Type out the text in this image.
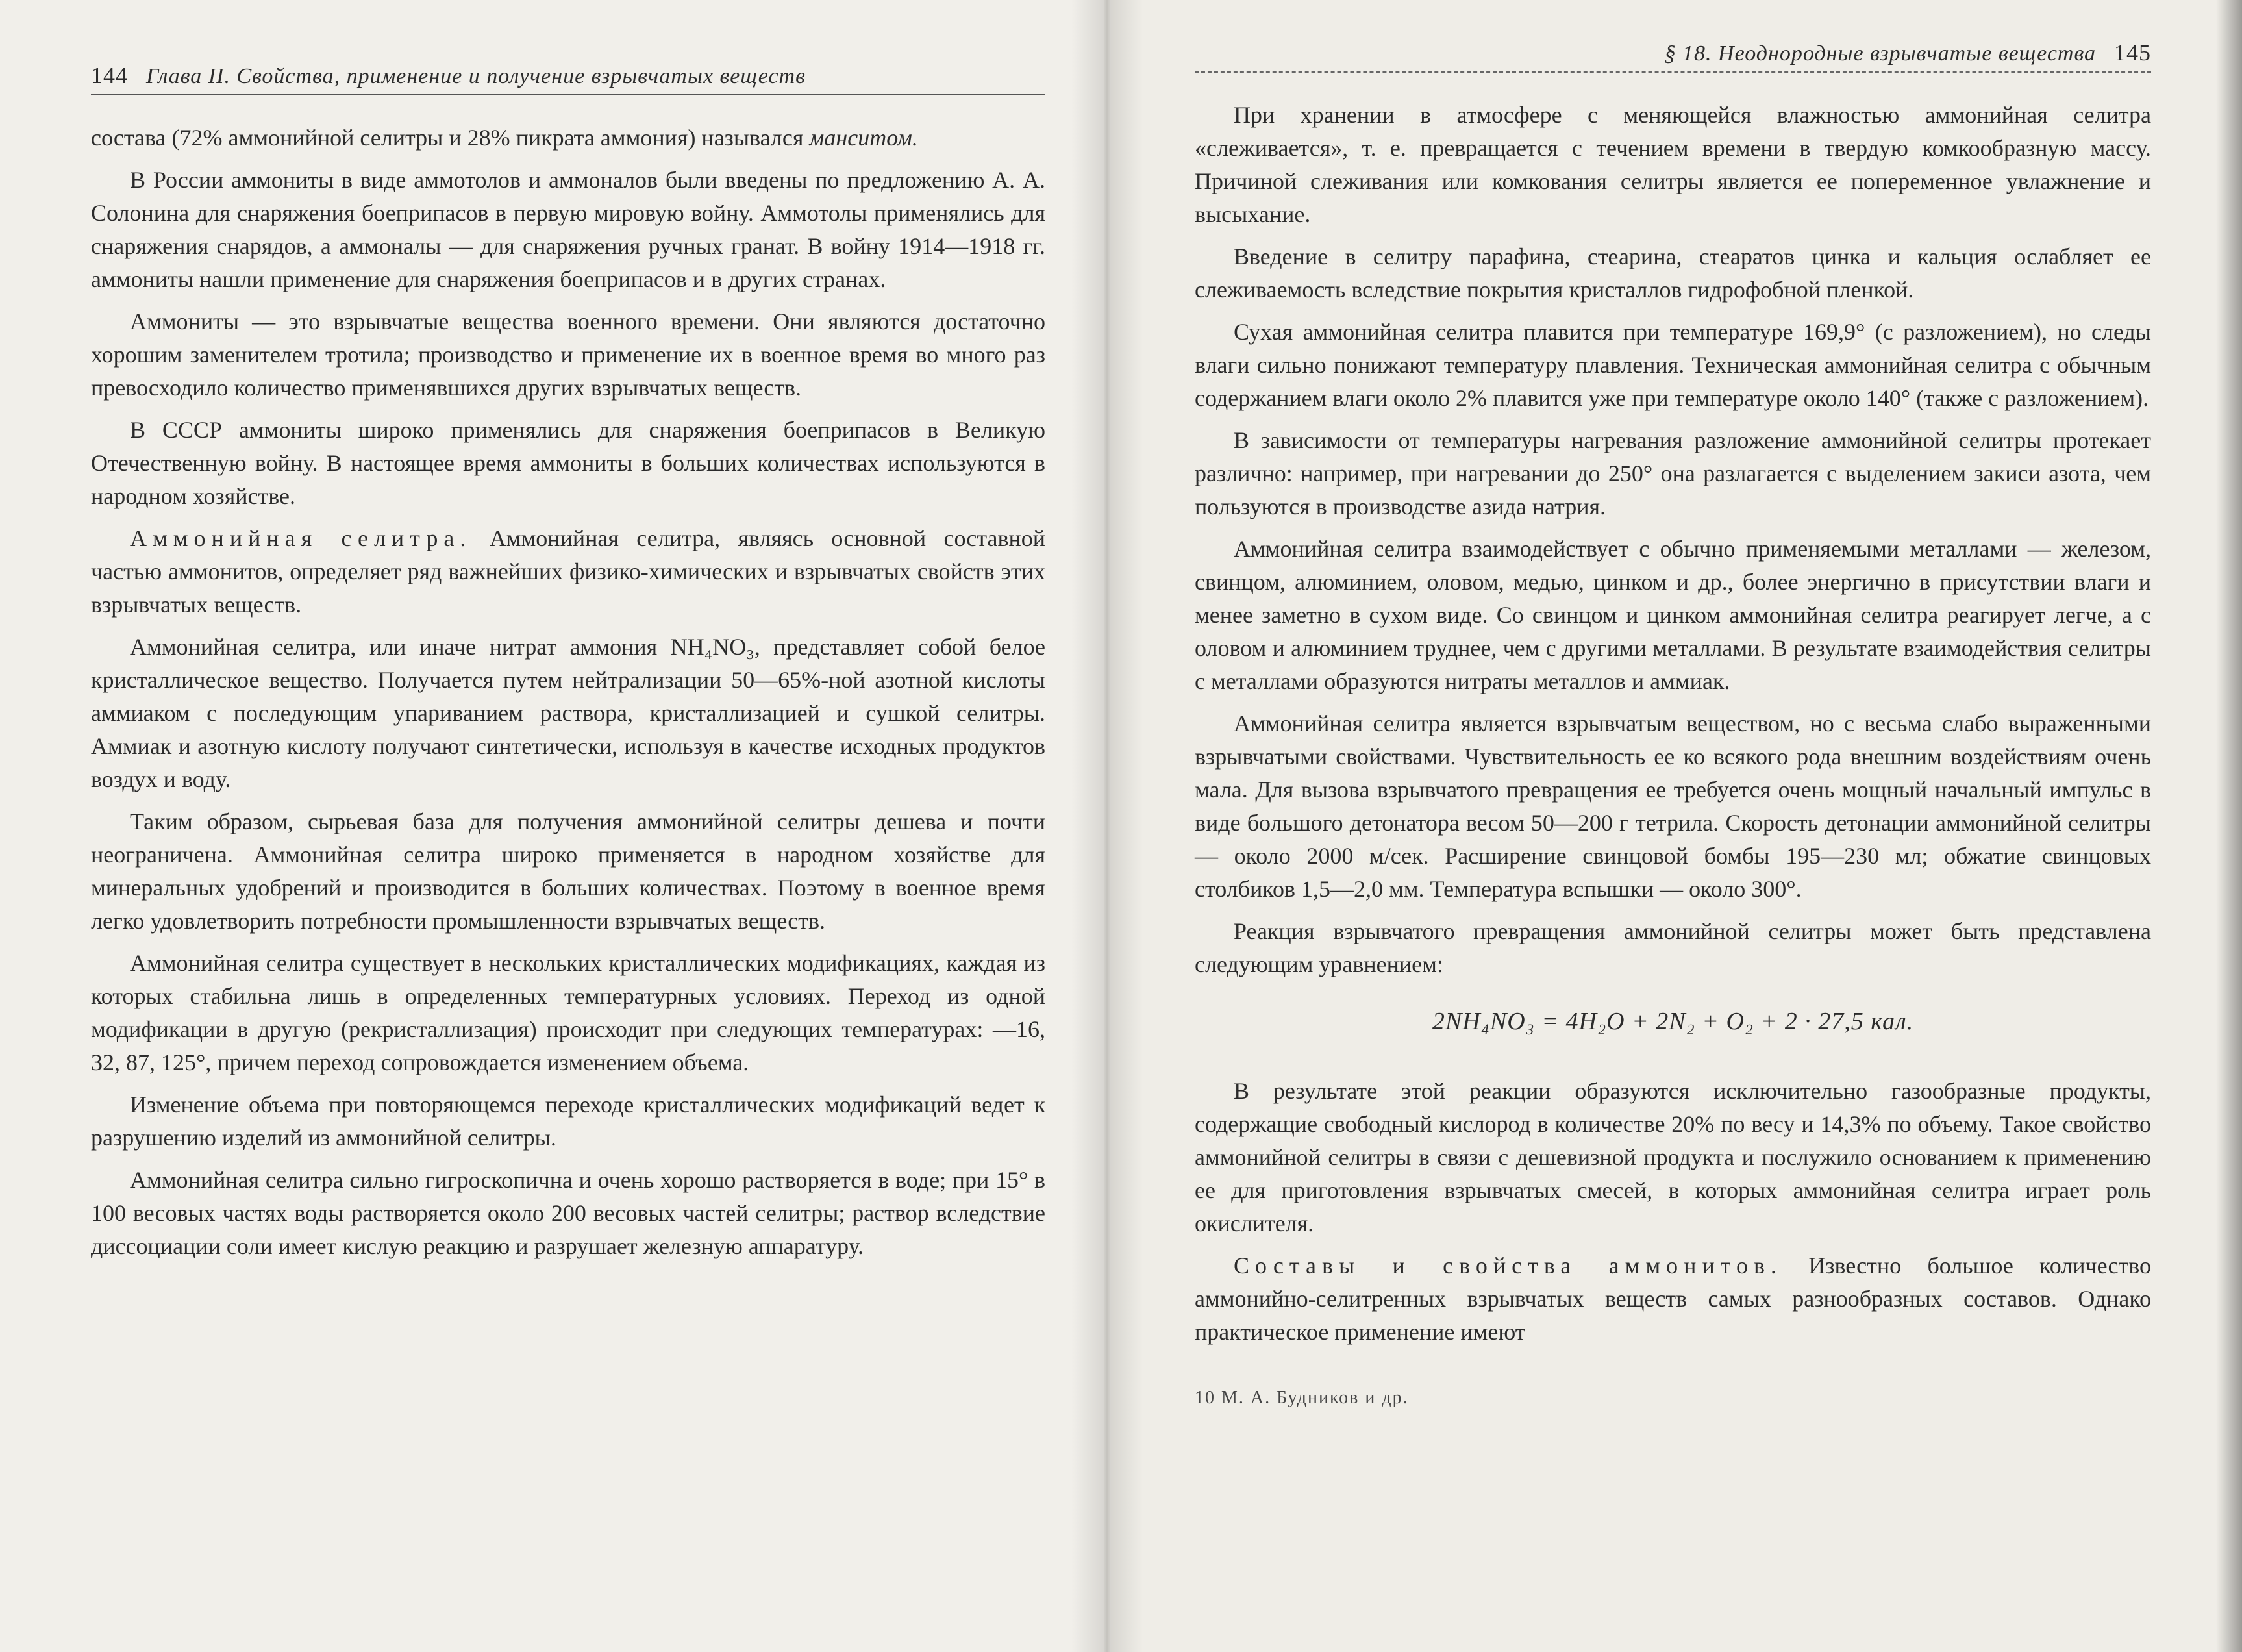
144 Глава II. Свойства, применение и получение взрывчатых веществ

состава (72% аммонийной селитры и 28% пикрата аммония) назывался манситом.

В России аммониты в виде аммотолов и аммоналов были введены по предложению А. А. Солонина для снаряжения боеприпасов в первую мировую войну. Аммотолы применялись для снаряжения снарядов, а аммоналы — для снаряжения ручных гранат. В войну 1914—1918 гг. аммониты нашли применение для снаряжения боеприпасов и в других странах.

Аммониты — это взрывчатые вещества военного времени. Они являются достаточно хорошим заменителем тротила; производство и применение их в военное время во много раз превосходило количество применявшихся других взрывчатых веществ.

В СССР аммониты широко применялись для снаряжения боеприпасов в Великую Отечественную войну. В настоящее время аммониты в больших количествах используются в народном хозяйстве.

Аммонийная селитра. Аммонийная селитра, являясь основной составной частью аммонитов, определяет ряд важнейших физико-химических и взрывчатых свойств этих взрывчатых веществ.

Аммонийная селитра, или иначе нитрат аммония NH₄NO₃, представляет собой белое кристаллическое вещество. Получается путем нейтрализации 50—65%-ной азотной кислоты аммиаком с последующим упариванием раствора, кристаллизацией и сушкой селитры. Аммиак и азотную кислоту получают синтетически, используя в качестве исходных продуктов воздух и воду.

Таким образом, сырьевая база для получения аммонийной селитры дешева и почти неограничена. Аммонийная селитра широко применяется в народном хозяйстве для минеральных удобрений и производится в больших количествах. Поэтому в военное время легко удовлетворить потребности промышленности взрывчатых веществ.

Аммонийная селитра существует в нескольких кристаллических модификациях, каждая из которых стабильна лишь в определенных температурных условиях. Переход из одной модификации в другую (рекристаллизация) происходит при следующих температурах: —16, 32, 87, 125°, причем переход сопровождается изменением объема.

Изменение объема при повторяющемся переходе кристаллических модификаций ведет к разрушению изделий из аммонийной селитры.

Аммонийная селитра сильно гигроскопична и очень хорошо растворяется в воде; при 15° в 100 весовых частях воды растворяется около 200 весовых частей селитры; раствор вследствие диссоциации соли имеет кислую реакцию и разрушает железную аппаратуру.

§ 18. Неоднородные взрывчатые вещества 145

При хранении в атмосфере с меняющейся влажностью аммонийная селитра «слеживается», т. е. превращается с течением времени в твердую комкообразную массу. Причиной слеживания или комкования селитры является ее попеременное увлажнение и высыхание.

Введение в селитру парафина, стеарина, стеаратов цинка и кальция ослабляет ее слеживаемость вследствие покрытия кристаллов гидрофобной пленкой.

Сухая аммонийная селитра плавится при температуре 169,9° (с разложением), но следы влаги сильно понижают температуру плавления. Техническая аммонийная селитра с обычным содержанием влаги около 2% плавится уже при температуре около 140° (также с разложением).

В зависимости от температуры нагревания разложение аммонийной селитры протекает различно: например, при нагревании до 250° она разлагается с выделением закиси азота, чем пользуются в производстве азида натрия.

Аммонийная селитра взаимодействует с обычно применяемыми металлами — железом, свинцом, алюминием, оловом, медью, цинком и др., более энергично в присутствии влаги и менее заметно в сухом виде. Со свинцом и цинком аммонийная селитра реагирует легче, а с оловом и алюминием труднее, чем с другими металлами. В результате взаимодействия селитры с металлами образуются нитраты металлов и аммиак.

Аммонийная селитра является взрывчатым веществом, но с весьма слабо выраженными взрывчатыми свойствами. Чувствительность ее ко всякого рода внешним воздействиям очень мала. Для вызова взрывчатого превращения ее требуется очень мощный начальный импульс в виде большого детонатора весом 50—200 г тетрила. Скорость детонации аммонийной селитры — около 2000 м/сек. Расширение свинцовой бомбы 195—230 мл; обжатие свинцовых столбиков 1,5—2,0 мм. Температура вспышки — около 300°.

Реакция взрывчатого превращения аммонийной селитры может быть представлена следующим уравнением:

2NH₄NO₃ = 4H₂O + 2N₂ + O₂ + 2 · 27,5 кал.

В результате этой реакции образуются исключительно газообразные продукты, содержащие свободный кислород в количестве 20% по весу и 14,3% по объему. Такое свойство аммонийной селитры в связи с дешевизной продукта и послужило основанием к применению ее для приготовления взрывчатых смесей, в которых аммонийная селитра играет роль окислителя.

Составы и свойства аммонитов. Известно большое количество аммонийно-селитренных взрывчатых веществ самых разнообразных составов. Однако практическое применение имеют

10 М. А. Будников и др.
